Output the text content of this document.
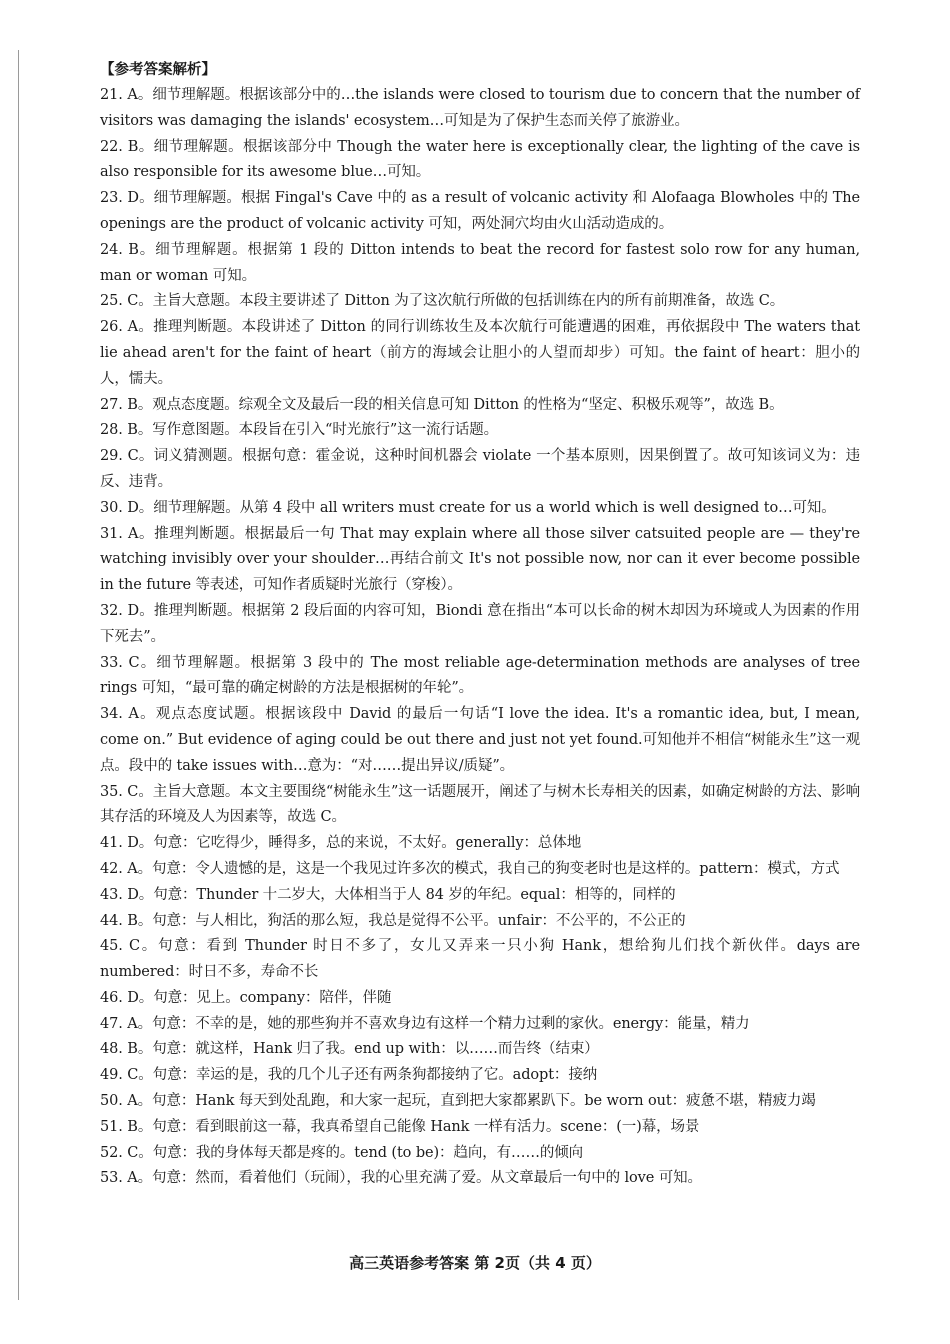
【参考答案解析】

21. A。细节理解题。根据该部分中的…the islands were closed to tourism due to concern that the number of visitors was damaging the islands' ecosystem…可知是为了保护生态而关停了旅游业。

22. B。细节理解题。根据该部分中 Though the water here is exceptionally clear, the lighting of the cave is also responsible for its awesome blue…可知。

23. D。细节理解题。根据 Fingal's Cave 中的 as a result of volcanic activity 和 Alofaaga Blowholes 中的 The openings are the product of volcanic activity 可知，两处洞穴均由火山活动造成的。

24. B。细节理解题。根据第 1 段的 Ditton intends to beat the record for fastest solo row for any human, man or woman 可知。

25. C。主旨大意题。本段主要讲述了 Ditton 为了这次航行所做的包括训练在内的所有前期准备，故选 C。

26. A。推理判断题。本段讲述了 Ditton 的同行训练妆生及本次航行可能遭遇的困难，再依据段中 The waters that lie ahead aren't for the faint of heart（前方的海域会让胆小的人望而却步）可知。the faint of heart：胆小的人，懦夫。

27. B。观点态度题。综观全文及最后一段的相关信息可知 Ditton 的性格为“坚定、积极乐观等”，故选 B。

28. B。写作意图题。本段旨在引入“时光旅行”这一流行话题。

29. C。词义猜测题。根据句意：霍金说，这种时间机器会 violate 一个基本原则，因果倒置了。故可知该词义为：违反、违背。

30. D。细节理解题。从第 4 段中 all writers must create for us a world which is well designed to…可知。

31. A。推理判断题。根据最后一句 That may explain where all those silver catsuited people are — they're watching invisibly over your shoulder…再结合前文 It's not possible now, nor can it ever become possible in the future 等表述，可知作者质疑时光旅行（穿梭）。

32. D。推理判断题。根据第 2 段后面的内容可知，Biondi 意在指出“本可以长命的树木却因为环境或人为因素的作用下死去”。

33. C。细节理解题。根据第 3 段中的 The most reliable age-determination methods are analyses of tree rings 可知，“最可靠的确定树龄的方法是根据树的年轮”。

34. A。观点态度试题。根据该段中 David 的最后一句话“I love the idea. It's a romantic idea, but, I mean, come on.” But evidence of aging could be out there and just not yet found.可知他并不相信“树能永生”这一观点。段中的 take issues with…意为：“对……提出异议/质疑”。

35. C。主旨大意题。本文主要围绕“树能永生”这一话题展开，阐述了与树木长寿相关的因素，如确定树龄的方法、影响其存活的环境及人为因素等，故选 C。

41. D。句意：它吃得少，睡得多，总的来说，不太好。generally：总体地

42. A。句意：令人遗憾的是，这是一个我见过许多次的模式，我自己的狗变老时也是这样的。pattern：模式，方式

43. D。句意：Thunder 十二岁大，大体相当于人 84 岁的年纪。equal：相等的，同样的

44. B。句意：与人相比，狗活的那么短，我总是觉得不公平。unfair：不公平的，不公正的

45. C。句意：看到 Thunder 时日不多了，女儿又弄来一只小狗 Hank，想给狗儿们找个新伙伴。days are numbered：时日不多，寿命不长

46. D。句意：见上。company：陪伴，伴随

47. A。句意：不幸的是，她的那些狗并不喜欢身边有这样一个精力过剩的家伙。energy：能量，精力

48. B。句意：就这样，Hank 归了我。end up with：以……而告终（结束）

49. C。句意：幸运的是，我的几个儿子还有两条狗都接纳了它。adopt：接纳

50. A。句意：Hank 每天到处乱跑，和大家一起玩，直到把大家都累趴下。be worn out：疲惫不堪，精疲力竭

51. B。句意：看到眼前这一幕，我真希望自己能像 Hank 一样有活力。scene：(一)幕，场景

52. C。句意：我的身体每天都是疼的。tend (to be)：趋向，有……的倾向

53. A。句意：然而，看着他们（玩闹），我的心里充满了爱。从文章最后一句中的 love 可知。

高三英语参考答案 第 2页（共 4 页）
